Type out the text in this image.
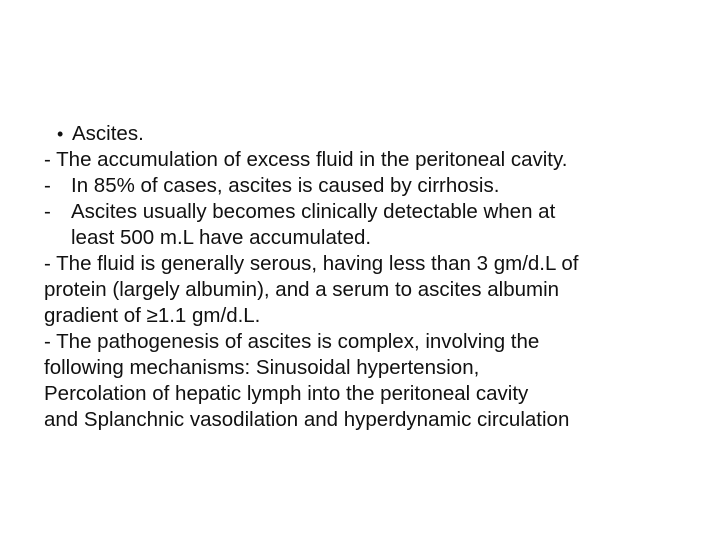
• Ascites.
- The accumulation of excess fluid in the peritoneal cavity.
- In 85% of cases, ascites is caused by cirrhosis.
- Ascites usually becomes clinically detectable when at
least 500 m.L have accumulated.
- The fluid is generally serous, having less than 3 gm/d.L of
protein (largely albumin), and a serum to ascites albumin
gradient of ≥1.1 gm/d.L.
- The pathogenesis of ascites is complex, involving the
following mechanisms: Sinusoidal hypertension,
Percolation of hepatic lymph into the peritoneal cavity
and Splanchnic vasodilation and hyperdynamic circulation
